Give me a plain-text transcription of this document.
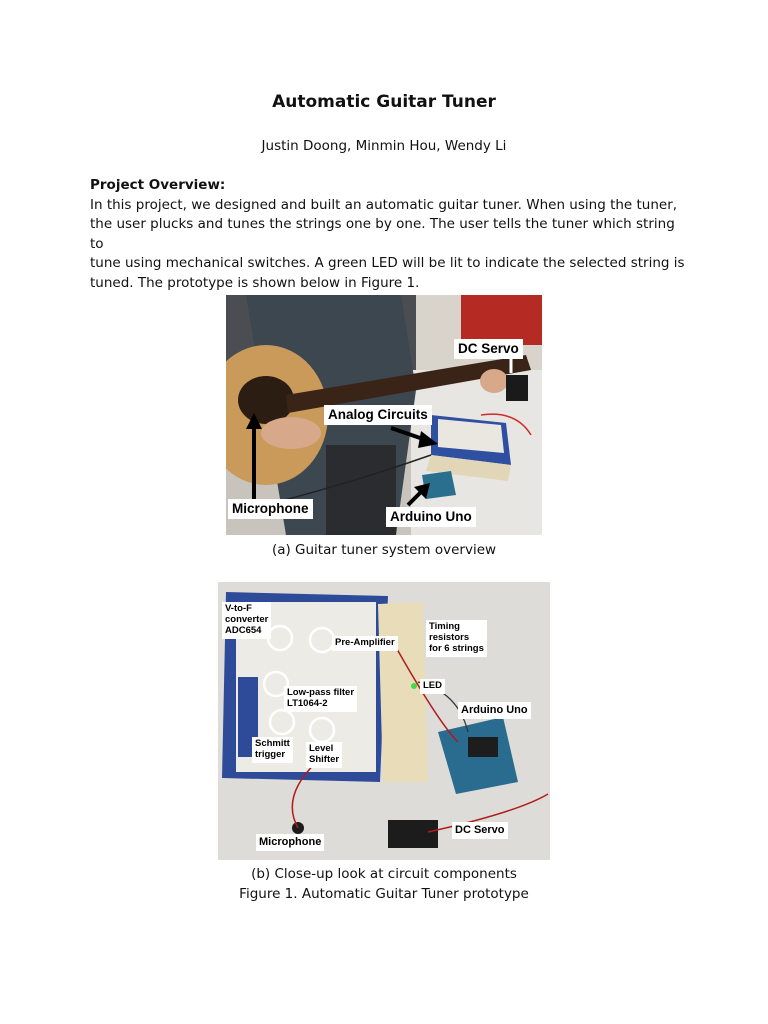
Automatic Guitar Tuner
Justin Doong, Minmin Hou, Wendy Li
Project Overview:
In this project, we designed and built an automatic guitar tuner. When using the tuner,
the user plucks and tunes the strings one by one. The user tells the tuner which string to
tune using mechanical switches. A green LED will be lit to indicate the selected string is
tuned. The prototype is shown below in Figure 1.
DC Servo
Analog Circuits
Microphone
Arduino Uno
(a) Guitar tuner system overview
V-to-F
converter
ADC654
Pre-Amplifier
Timing
resistors
for 6 strings
LED
Low-pass filter
LT1064-2
Arduino Uno
Schmitt
trigger
Level
Shifter
Microphone
DC Servo
(b) Close-up look at circuit components
Figure 1. Automatic Guitar Tuner prototype
